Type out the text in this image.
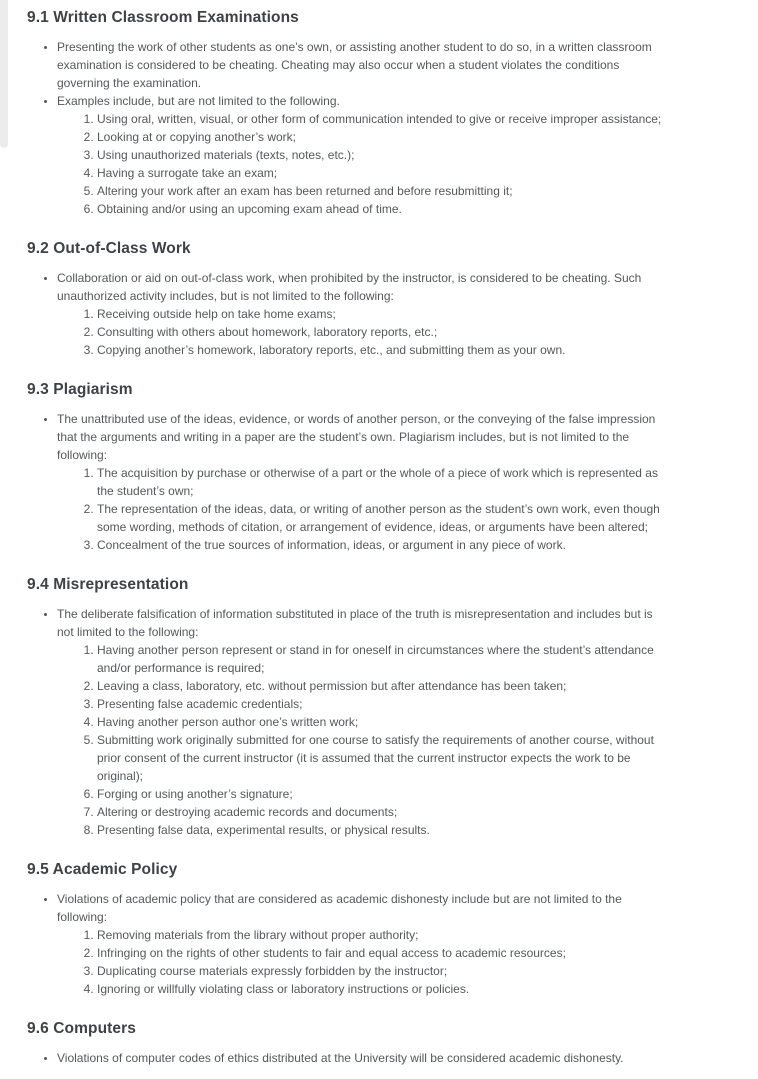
9.1 Written Classroom Examinations
• Presenting the work of other students as one’s own, or assisting another student to do so, in a written classroom examination is considered to be cheating. Cheating may also occur when a student violates the conditions governing the examination.
• Examples include, but are not limited to the following.
1. Using oral, written, visual, or other form of communication intended to give or receive improper assistance;
2. Looking at or copying another’s work;
3. Using unauthorized materials (texts, notes, etc.);
4. Having a surrogate take an exam;
5. Altering your work after an exam has been returned and before resubmitting it;
6. Obtaining and/or using an upcoming exam ahead of time.
9.2 Out-of-Class Work
• Collaboration or aid on out-of-class work, when prohibited by the instructor, is considered to be cheating. Such unauthorized activity includes, but is not limited to the following:
1. Receiving outside help on take home exams;
2. Consulting with others about homework, laboratory reports, etc.;
3. Copying another’s homework, laboratory reports, etc., and submitting them as your own.
9.3 Plagiarism
• The unattributed use of the ideas, evidence, or words of another person, or the conveying of the false impression that the arguments and writing in a paper are the student’s own. Plagiarism includes, but is not limited to the following:
1. The acquisition by purchase or otherwise of a part or the whole of a piece of work which is represented as the student’s own;
2. The representation of the ideas, data, or writing of another person as the student’s own work, even though some wording, methods of citation, or arrangement of evidence, ideas, or arguments have been altered;
3. Concealment of the true sources of information, ideas, or argument in any piece of work.
9.4 Misrepresentation
• The deliberate falsification of information substituted in place of the truth is misrepresentation and includes but is not limited to the following:
1. Having another person represent or stand in for oneself in circumstances where the student’s attendance and/or performance is required;
2. Leaving a class, laboratory, etc. without permission but after attendance has been taken;
3. Presenting false academic credentials;
4. Having another person author one’s written work;
5. Submitting work originally submitted for one course to satisfy the requirements of another course, without prior consent of the current instructor (it is assumed that the current instructor expects the work to be original);
6. Forging or using another’s signature;
7. Altering or destroying academic records and documents;
8. Presenting false data, experimental results, or physical results.
9.5 Academic Policy
• Violations of academic policy that are considered as academic dishonesty include but are not limited to the following:
1. Removing materials from the library without proper authority;
2. Infringing on the rights of other students to fair and equal access to academic resources;
3. Duplicating course materials expressly forbidden by the instructor;
4. Ignoring or willfully violating class or laboratory instructions or policies.
9.6 Computers
• Violations of computer codes of ethics distributed at the University will be considered academic dishonesty.
